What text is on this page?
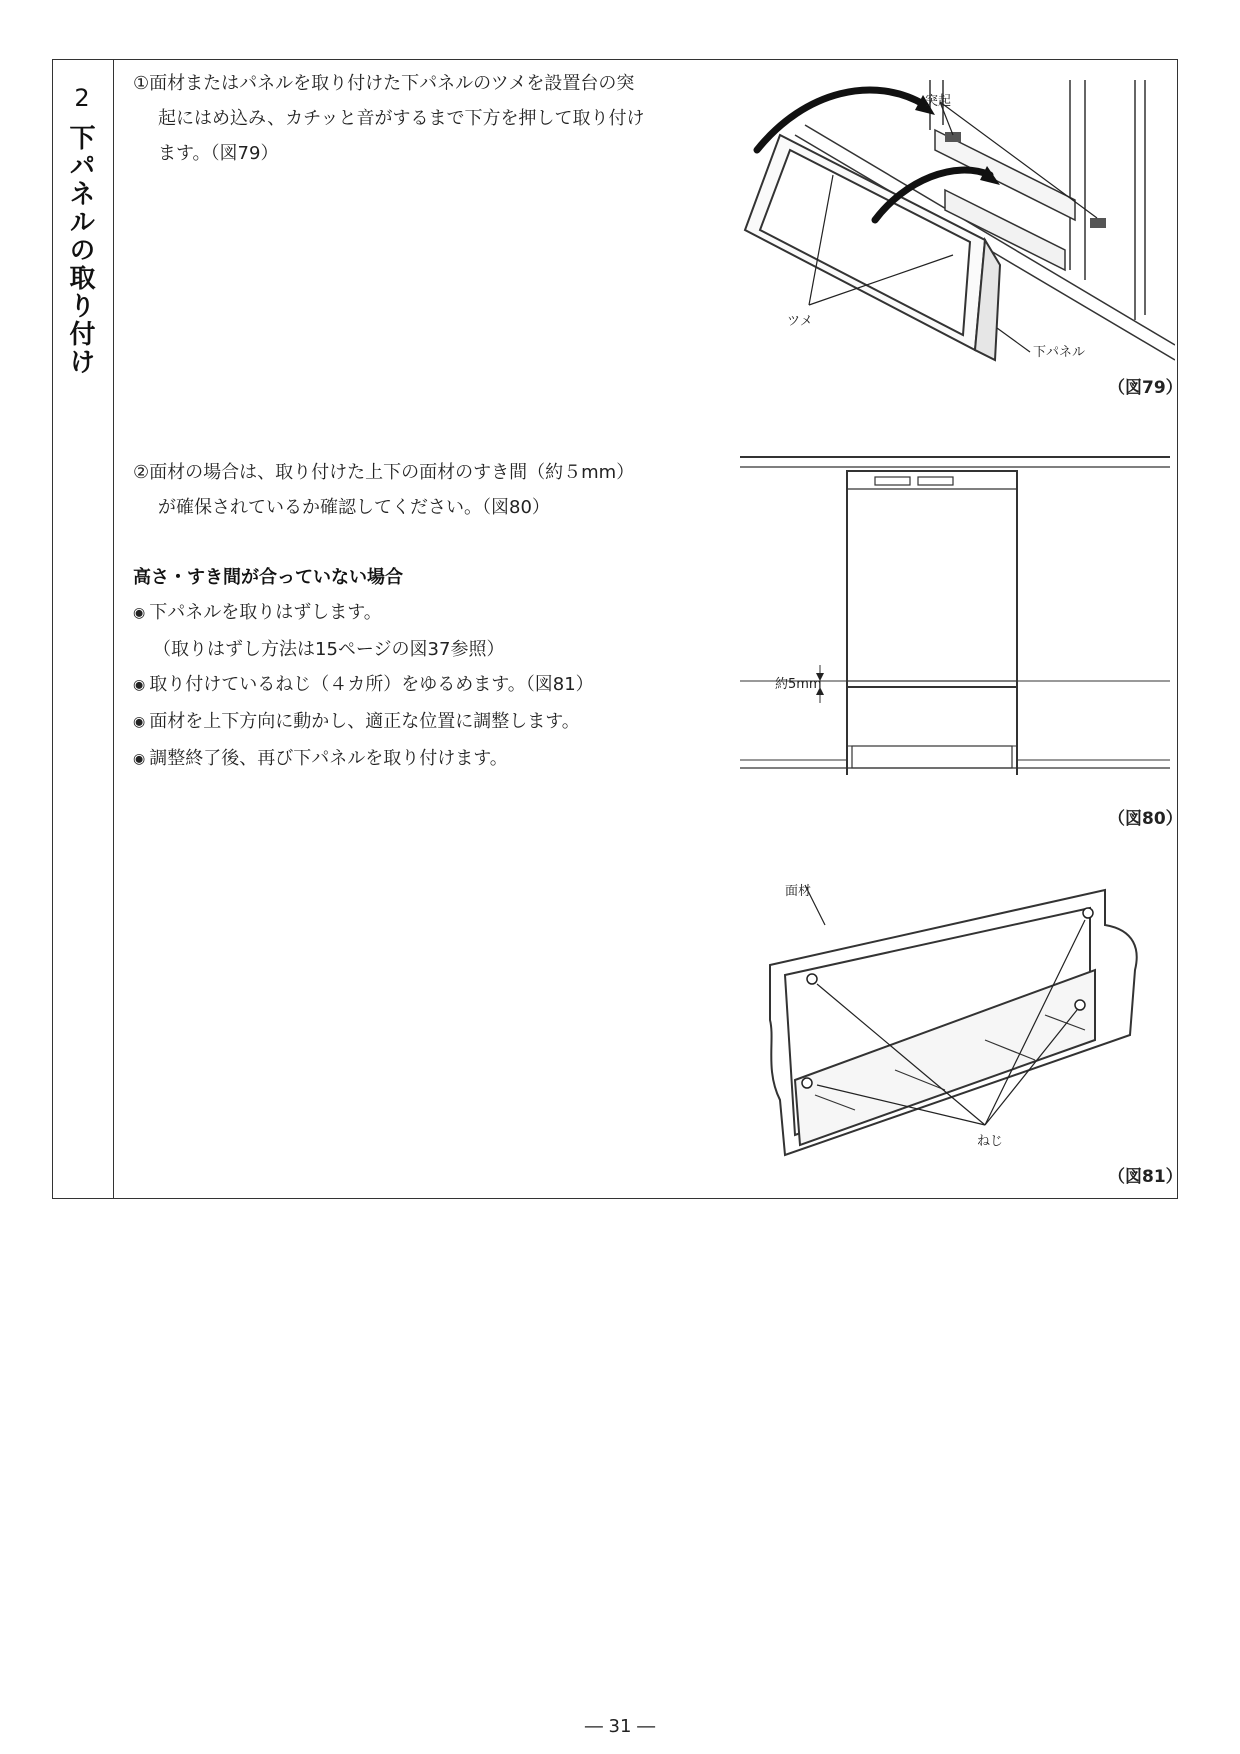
2
下パネルの取り付け
①面材またはパネルを取り付けた下パネルのツメを設置台の突
起にはめ込み、カチッと音がするまで下方を押して取り付け
ます。（図79）
突起
ツメ
下パネル
（図79）
②面材の場合は、取り付けた上下の面材のすき間（約５mm）
が確保されているか確認してください。（図80）
高さ・すき間が合っていない場合
◉ 下パネルを取りはずします。
（取りはずし方法は15ページの図37参照）
◉ 取り付けているねじ（４カ所）をゆるめます。（図81）
◉ 面材を上下方向に動かし、適正な位置に調整します。
◉ 調整終了後、再び下パネルを取り付けます。
約5mm
（図80）
面材
ねじ
（図81）
― 31 ―
